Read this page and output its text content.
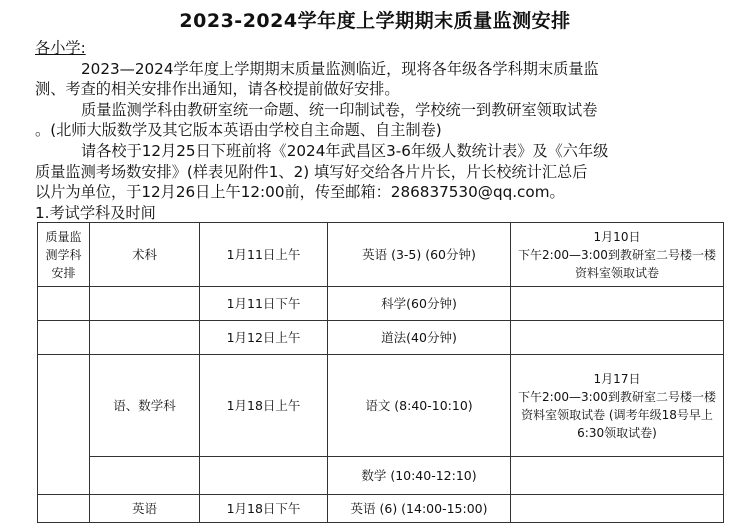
2023-2024学年度上学期期末质量监测安排
各小学:
2023—2024学年度上学期期末质量监测临近，现将各年级各学科期末质量监
测、考查的相关安排作出通知，请各校提前做好安排。
质量监测学科由教研室统一命题、统一印制试卷，学校统一到教研室领取试卷
。(北师大版数学及其它版本英语由学校自主命题、自主制卷)
请各校于12月25日下班前将《2024年武昌区3-6年级人数统计表》及《六年级
质量监测考场数安排》(样表见附件1、2) 填写好交给各片片长，片长校统计汇总后
以片为单位，于12月26日上午12:00前，传至邮箱：286837530@qq.com。
1.考试学科及时间
质量监测学科安排	术科	1月11日上午	英语 (3-5) (60分钟)	1月10日
下午2:00—3:00到教研室二号楼一楼资料室领取试卷
		1月11日下午	科学(60分钟)	
		1月12日上午	道法(40分钟)	
	语、数学科	1月18日上午	语文 (8:40-10:10)	1月17日
下午2:00—3:00到教研室二号楼一楼资料室领取试卷 (调考年级18号早上6:30领取试卷)
			数学 (10:40-12:10)	
	英语	1月18日下午	英语 (6) (14:00-15:00)	
